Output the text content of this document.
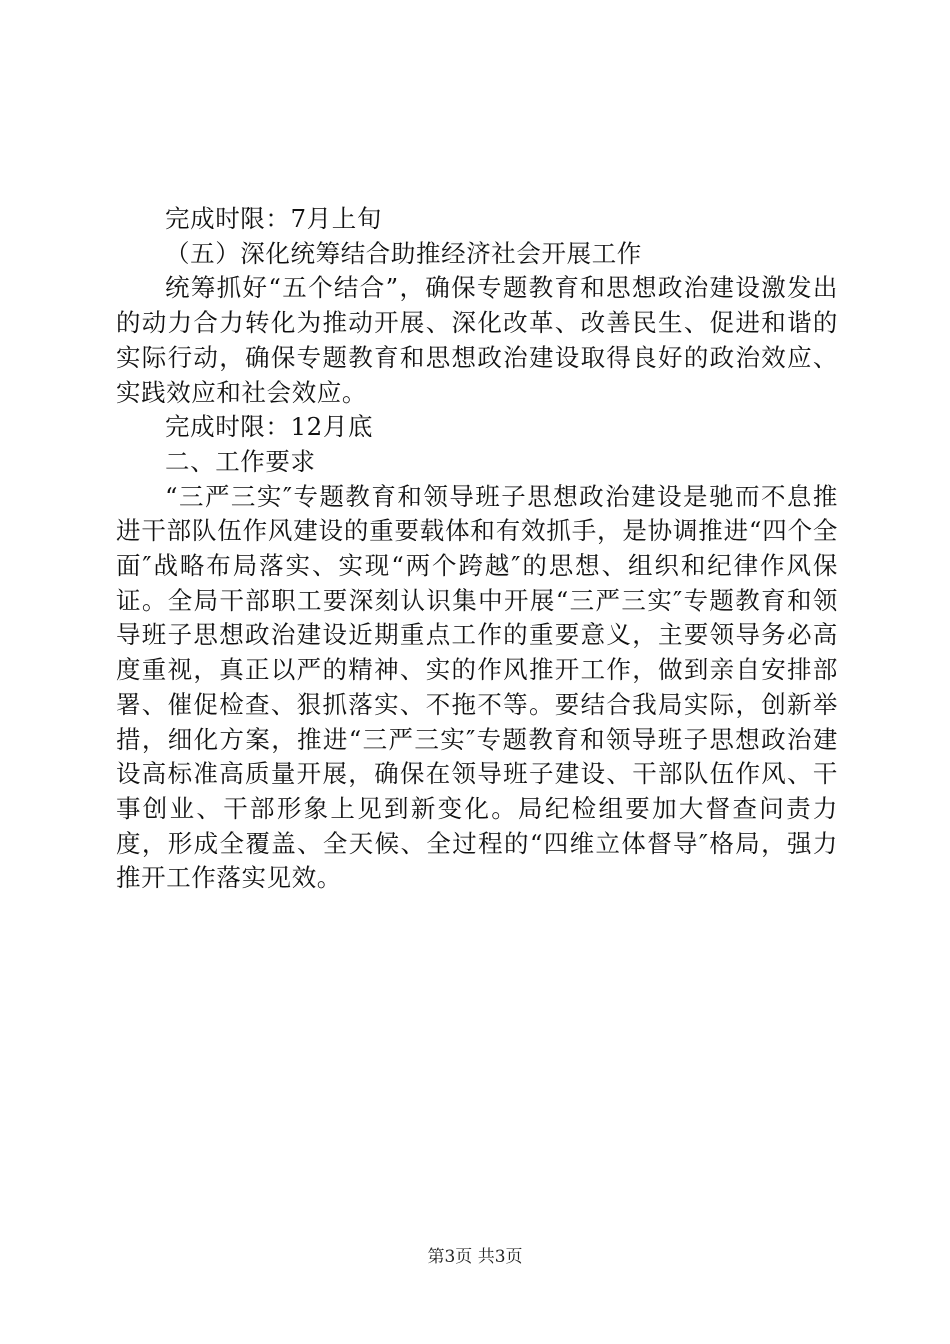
完成时限：7月上旬

（五）深化统筹结合助推经济社会开展工作

统筹抓好“五个结合”，确保专题教育和思想政治建设激发出的动力合力转化为推动开展、深化改革、改善民生、促进和谐的实际行动，确保专题教育和思想政治建设取得良好的政治效应、实践效应和社会效应。

完成时限：12月底

二、工作要求

“三严三实″专题教育和领导班子思想政治建设是驰而不息推进干部队伍作风建设的重要载体和有效抓手，是协调推进“四个全面″战略布局落实、实现“两个跨越″的思想、组织和纪律作风保证。全局干部职工要深刻认识集中开展“三严三实″专题教育和领导班子思想政治建设近期重点工作的重要意义，主要领导务必高度重视，真正以严的精神、实的作风推开工作，做到亲自安排部署、催促检查、狠抓落实、不拖不等。要结合我局实际，创新举措，细化方案，推进“三严三实″专题教育和领导班子思想政治建设高标准高质量开展，确保在领导班子建设、干部队伍作风、干事创业、干部形象上见到新变化。局纪检组要加大督查问责力度，形成全覆盖、全天候、全过程的“四维立体督导″格局，强力推开工作落实见效。

第3页 共3页
